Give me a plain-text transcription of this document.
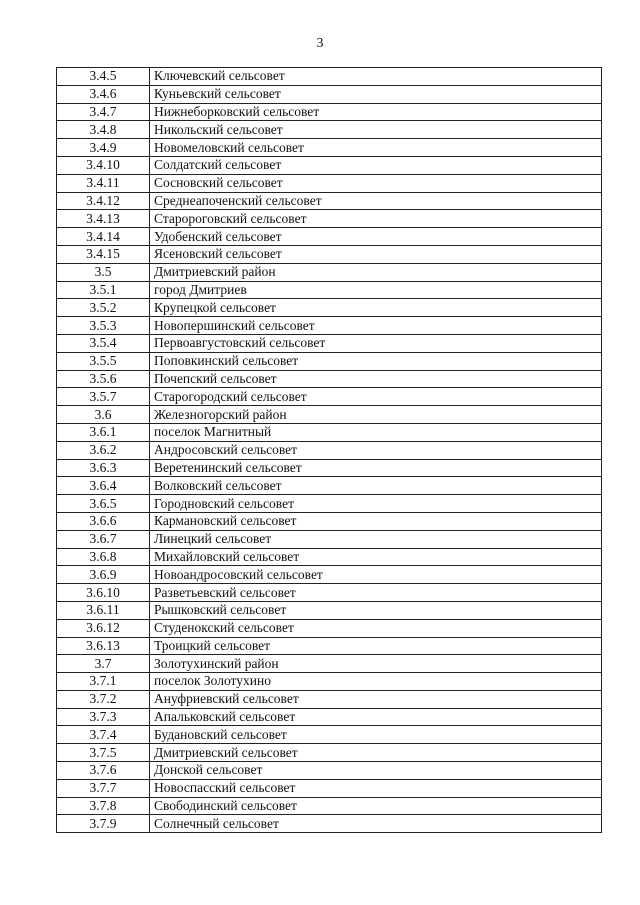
3
3.4.5	Ключевский сельсовет
3.4.6	Куньевский сельсовет
3.4.7	Нижнеборковский сельсовет
3.4.8	Никольский сельсовет
3.4.9	Новомеловский сельсовет
3.4.10	Солдатский сельсовет
3.4.11	Сосновский сельсовет
3.4.12	Среднеапоченский сельсовет
3.4.13	Старороговский сельсовет
3.4.14	Удобенский сельсовет
3.4.15	Ясеновский сельсовет
3.5	Дмитриевский район
3.5.1	город Дмитриев
3.5.2	Крупецкой сельсовет
3.5.3	Новопершинский сельсовет
3.5.4	Первоавгустовский сельсовет
3.5.5	Поповкинский сельсовет
3.5.6	Почепский сельсовет
3.5.7	Старогородский сельсовет
3.6	Железногорский район
3.6.1	поселок Магнитный
3.6.2	Андросовский сельсовет
3.6.3	Веретенинский сельсовет
3.6.4	Волковский сельсовет
3.6.5	Городновский сельсовет
3.6.6	Кармановский сельсовет
3.6.7	Линецкий сельсовет
3.6.8	Михайловский сельсовет
3.6.9	Новоандросовский сельсовет
3.6.10	Разветьевский сельсовет
3.6.11	Рышковский сельсовет
3.6.12	Студенокский сельсовет
3.6.13	Троицкий сельсовет
3.7	Золотухинский район
3.7.1	поселок Золотухино
3.7.2	Ануфриевский сельсовет
3.7.3	Апальковский сельсовет
3.7.4	Будановский сельсовет
3.7.5	Дмитриевский сельсовет
3.7.6	Донской сельсовет
3.7.7	Новоспасский сельсовет
3.7.8	Свободинский сельсовет
3.7.9	Солнечный сельсовет
